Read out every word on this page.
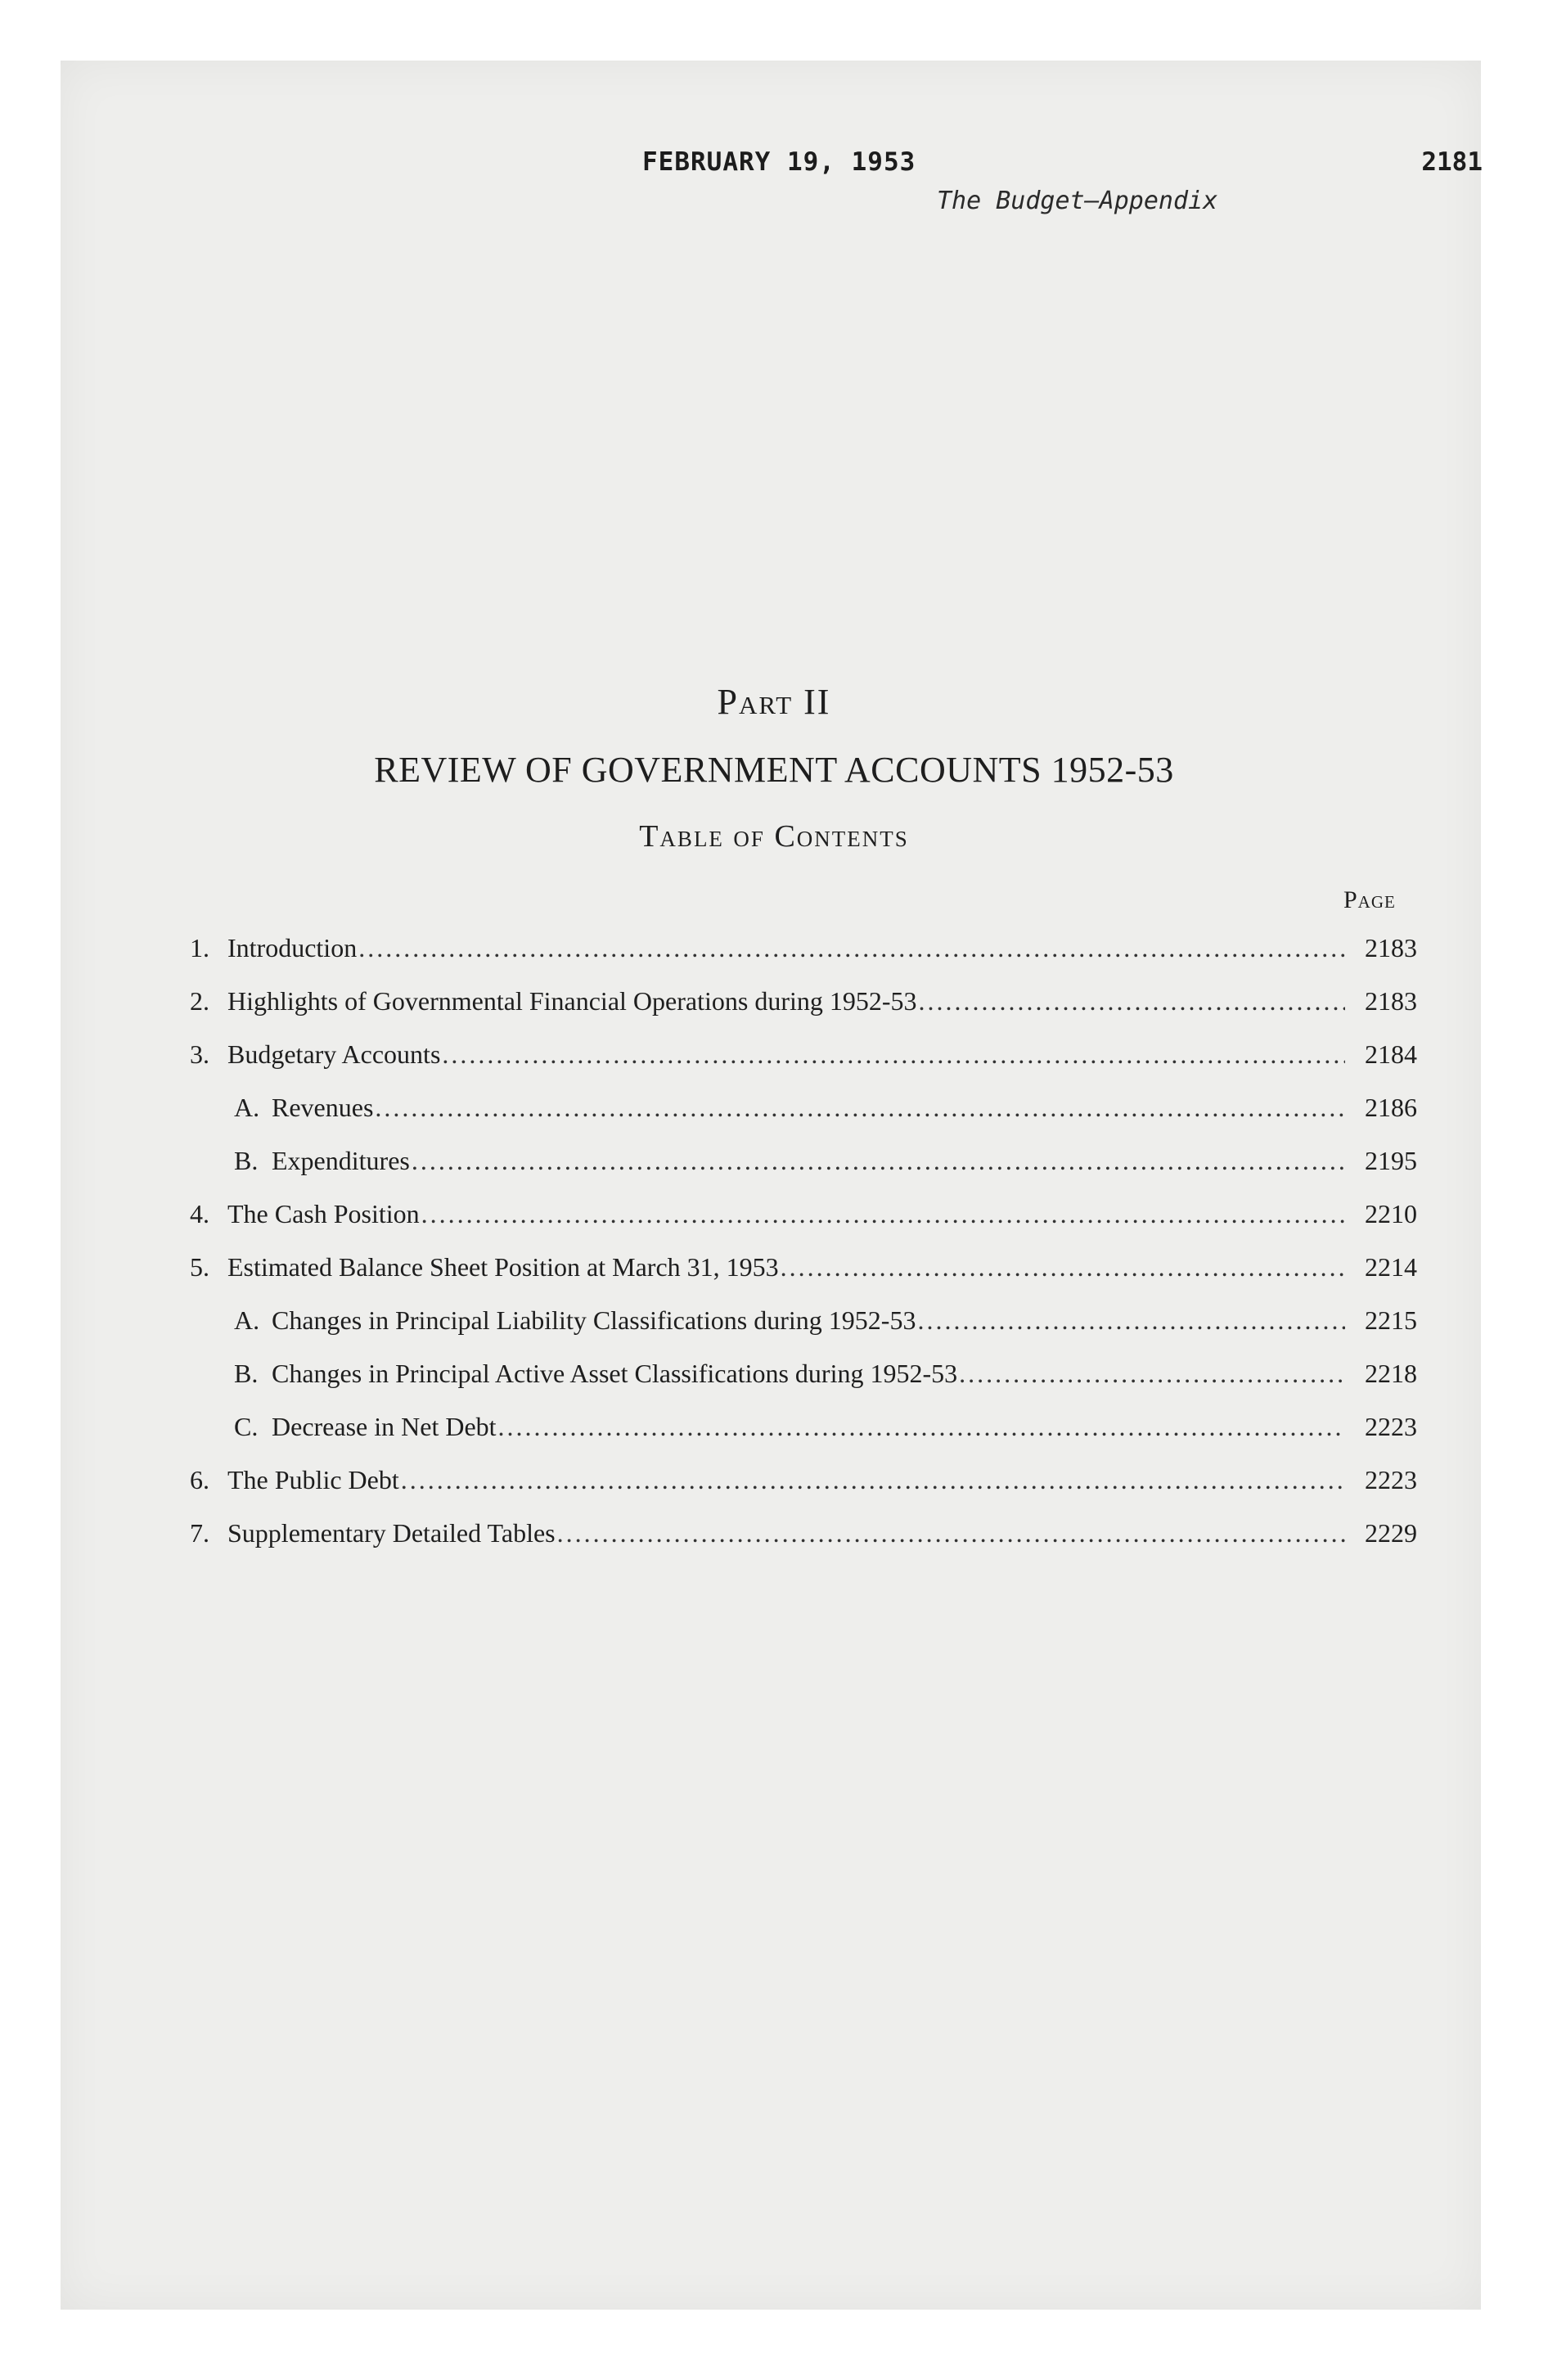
FEBRUARY 19, 1953	2181
The Budget—Appendix
Part II
REVIEW OF GOVERNMENT ACCOUNTS 1952-53
Table of Contents
Page
1. Introduction .....	2183
2. Highlights of Governmental Financial Operations during 1952-53 .....	2183
3. Budgetary Accounts .....	2184
A. Revenues .....	2186
B. Expenditures .....	2195
4. The Cash Position .....	2210
5. Estimated Balance Sheet Position at March 31, 1953 .....	2214
A. Changes in Principal Liability Classifications during 1952-53 .....	2215
B. Changes in Principal Active Asset Classifications during 1952-53 .....	2218
C. Decrease in Net Debt .....	2223
6. The Public Debt .....	2223
7. Supplementary Detailed Tables .....	2229
